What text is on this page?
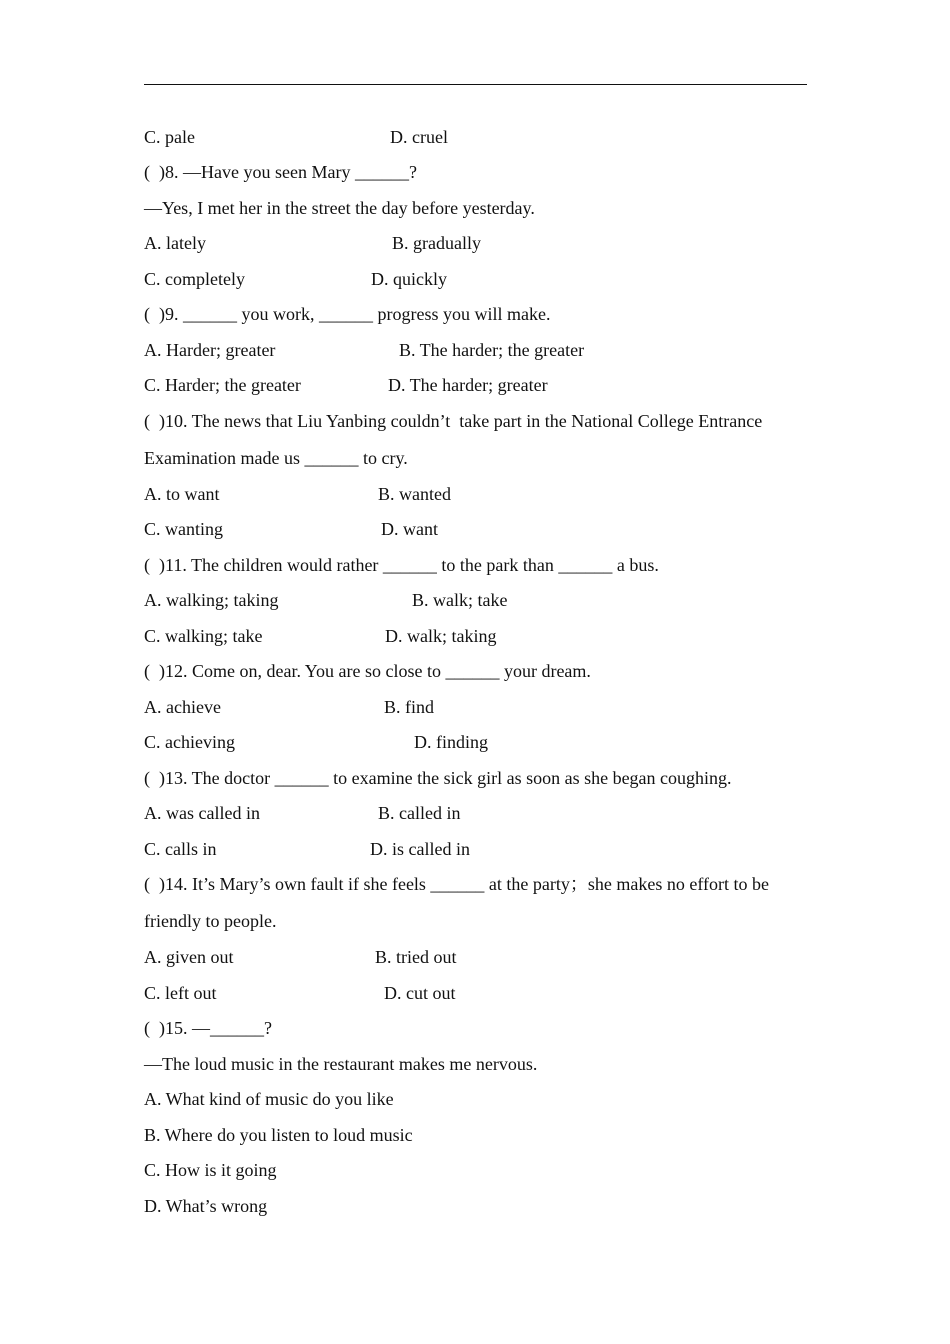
C. pale	D. cruel
(  )8. —Have you seen Mary ______?
—Yes, I met her in the street the day before yesterday.
A. lately	B. gradually
C. completely	D. quickly
(  )9. ______ you work, ______ progress you will make.
A. Harder; greater	B. The harder; the greater
C. Harder; the greater	D. The harder; greater
(  )10. The news that Liu Yanbing couldn’t  take part in the National College Entrance
Examination made us ______ to cry.
A. to want	B. wanted
C. wanting	D. want
(  )11. The children would rather ______ to the park than ______ a bus.
A. walking; taking	B. walk; take
C. walking; take	D. walk; taking
(  )12. Come on, dear. You are so close to ______ your dream.
A. achieve	B. find
C. achieving	D. finding
(  )13. The doctor ______ to examine the sick girl as soon as she began coughing.
A. was called in	B. called in
C. calls in	D. is called in
(  )14. It’s Mary’s own fault if she feels ______ at the party；she makes no effort to be
friendly to people.
A. given out	B. tried out
C. left out	D. cut out
(  )15. —______?
—The loud music in the restaurant makes me nervous.
A. What kind of music do you like
B. Where do you listen to loud music
C. How is it going
D. What’s wrong
